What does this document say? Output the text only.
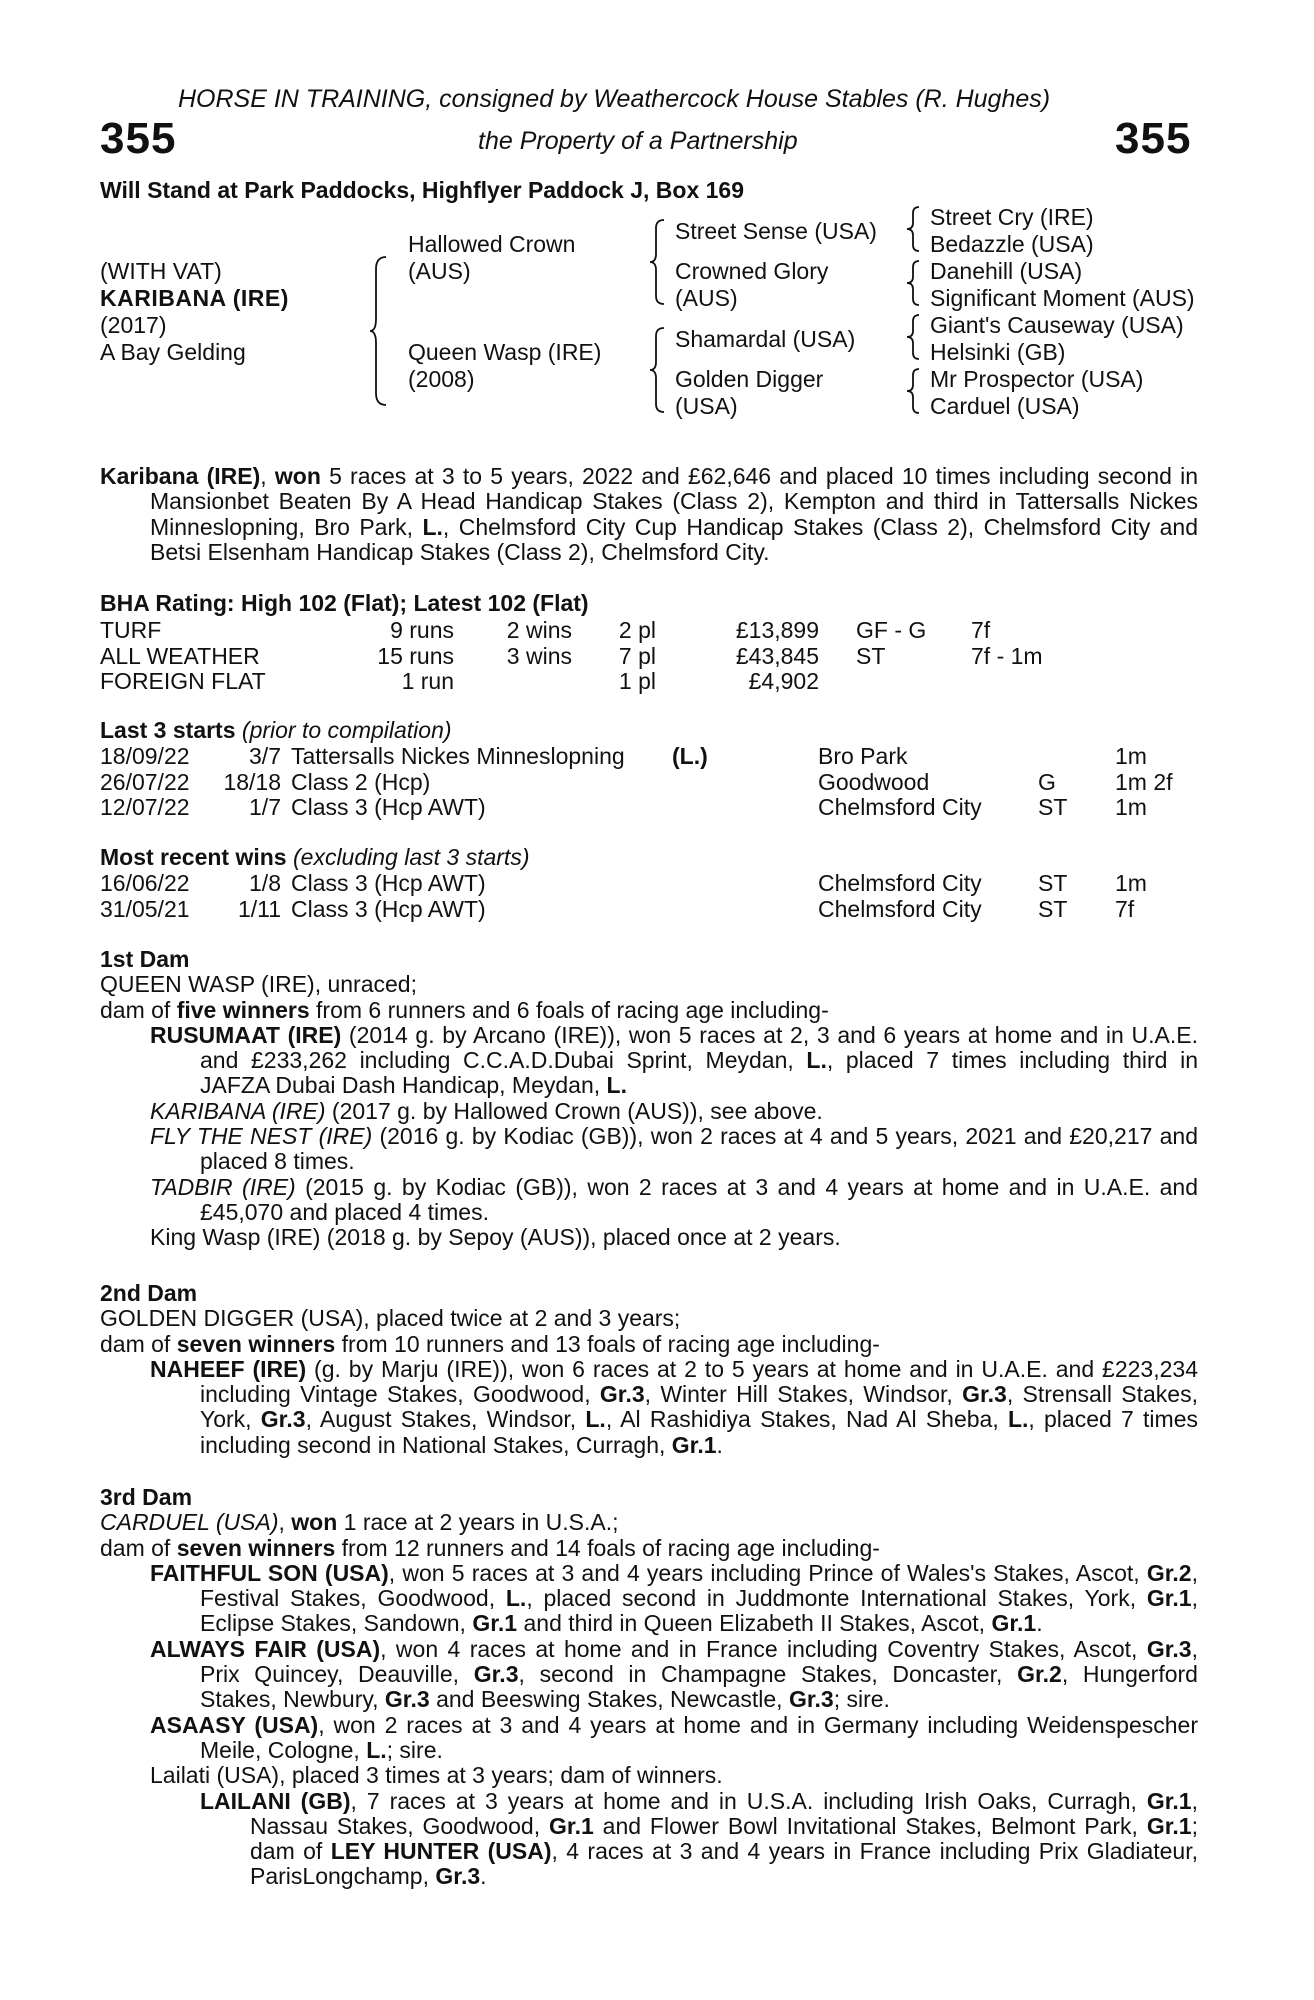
HORSE IN TRAINING, consigned by Weathercock House Stables (R. Hughes)
355	the Property of a Partnership	355
Will Stand at Park Paddocks, Highflyer Paddock J, Box 169
(WITH VAT)
KARIBANA (IRE)
(2017)
A Bay Gelding
Hallowed Crown
(AUS)
Queen Wasp (IRE)
(2008)
Street Sense (USA)
Crowned Glory
(AUS)
Shamardal (USA)
Golden Digger
(USA)
Street Cry (IRE)
Bedazzle (USA)
Danehill (USA)
Significant Moment (AUS)
Giant's Causeway (USA)
Helsinki (GB)
Mr Prospector (USA)
Carduel (USA)
Karibana (IRE), won 5 races at 3 to 5 years, 2022 and £62,646 and placed 10 times including second in Mansionbet Beaten By A Head Handicap Stakes (Class 2), Kempton and third in Tattersalls Nickes Minneslopning, Bro Park, L., Chelmsford City Cup Handicap Stakes (Class 2), Chelmsford City and Betsi Elsenham Handicap Stakes (Class 2), Chelmsford City.
BHA Rating: High 102 (Flat); Latest 102 (Flat)
TURF	9 runs 2 wins 2 pl	£13,899 GF - G 7f
ALL WEATHER	15 runs 3 wins 7 pl	£43,845 ST	7f - 1m
FOREIGN FLAT	1 run	1 pl	£4,902
Last 3 starts (prior to compilation)
18/09/22	3/7 Tattersalls Nickes Minneslopning (L.)	Bro Park	1m
26/07/22 18/18 Class 2 (Hcp)	Goodwood	G	1m 2f
12/07/22	1/7 Class 3 (Hcp AWT)	Chelmsford City ST 1m
Most recent wins (excluding last 3 starts)
16/06/22	1/8 Class 3 (Hcp AWT)	Chelmsford City ST 1m
31/05/21 1/11 Class 3 (Hcp AWT)	Chelmsford City ST 7f
1st Dam
QUEEN WASP (IRE), unraced;
dam of five winners from 6 runners and 6 foals of racing age including-
RUSUMAAT (IRE) (2014 g. by Arcano (IRE)), won 5 races at 2, 3 and 6 years at home and in U.A.E. and £233,262 including C.C.A.D.Dubai Sprint, Meydan, L., placed 7 times including third in JAFZA Dubai Dash Handicap, Meydan, L.
KARIBANA (IRE) (2017 g. by Hallowed Crown (AUS)), see above.
FLY THE NEST (IRE) (2016 g. by Kodiac (GB)), won 2 races at 4 and 5 years, 2021 and £20,217 and placed 8 times.
TADBIR (IRE) (2015 g. by Kodiac (GB)), won 2 races at 3 and 4 years at home and in U.A.E. and £45,070 and placed 4 times.
King Wasp (IRE) (2018 g. by Sepoy (AUS)), placed once at 2 years.
2nd Dam
GOLDEN DIGGER (USA), placed twice at 2 and 3 years;
dam of seven winners from 10 runners and 13 foals of racing age including-
NAHEEF (IRE) (g. by Marju (IRE)), won 6 races at 2 to 5 years at home and in U.A.E. and £223,234 including Vintage Stakes, Goodwood, Gr.3, Winter Hill Stakes, Windsor, Gr.3, Strensall Stakes, York, Gr.3, August Stakes, Windsor, L., Al Rashidiya Stakes, Nad Al Sheba, L., placed 7 times including second in National Stakes, Curragh, Gr.1.
3rd Dam
CARDUEL (USA), won 1 race at 2 years in U.S.A.;
dam of seven winners from 12 runners and 14 foals of racing age including-
FAITHFUL SON (USA), won 5 races at 3 and 4 years including Prince of Wales's Stakes, Ascot, Gr.2, Festival Stakes, Goodwood, L., placed second in Juddmonte International Stakes, York, Gr.1, Eclipse Stakes, Sandown, Gr.1 and third in Queen Elizabeth II Stakes, Ascot, Gr.1.
ALWAYS FAIR (USA), won 4 races at home and in France including Coventry Stakes, Ascot, Gr.3, Prix Quincey, Deauville, Gr.3, second in Champagne Stakes, Doncaster, Gr.2, Hungerford Stakes, Newbury, Gr.3 and Beeswing Stakes, Newcastle, Gr.3; sire.
ASAASY (USA), won 2 races at 3 and 4 years at home and in Germany including Weidenspescher Meile, Cologne, L.; sire.
Lailati (USA), placed 3 times at 3 years; dam of winners.
LAILANI (GB), 7 races at 3 years at home and in U.S.A. including Irish Oaks, Curragh, Gr.1, Nassau Stakes, Goodwood, Gr.1 and Flower Bowl Invitational Stakes, Belmont Park, Gr.1; dam of LEY HUNTER (USA), 4 races at 3 and 4 years in France including Prix Gladiateur, ParisLongchamp, Gr.3.
